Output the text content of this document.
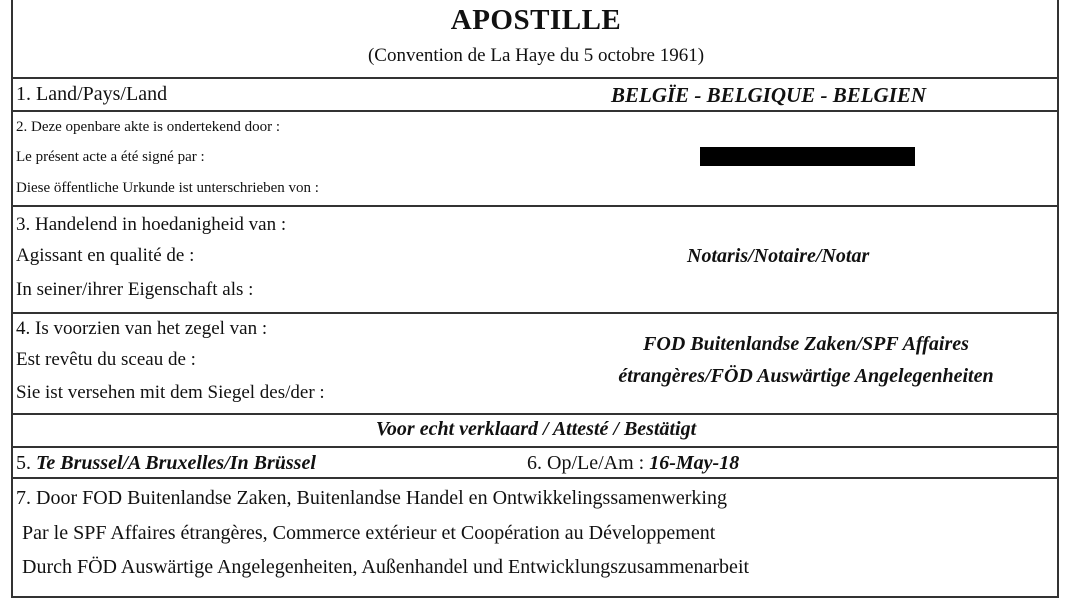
APOSTILLE
(Convention de La Haye du 5 octobre 1961)
1. Land/Pays/Land	BELGÏE - BELGIQUE - BELGIEN
2. Deze openbare akte is ondertekend door :
Le présent acte a été signé par :
Diese öffentliche Urkunde ist unterschrieben von :
3. Handelend in hoedanigheid van :
Agissant en qualité de :
In seiner/ihrer Eigenschaft als :
Notaris/Notaire/Notar
4. Is voorzien van het zegel van :
Est revêtu du sceau de :
Sie ist versehen mit dem Siegel des/der :
FOD Buitenlandse Zaken/SPF Affaires
étrangères/FÖD Auswärtige Angelegenheiten
Voor echt verklaard / Attesté / Bestätigt
5. Te Brussel/A Bruxelles/In Brüssel	6. Op/Le/Am : 16-May-18
7. Door FOD Buitenlandse Zaken, Buitenlandse Handel en Ontwikkelingssamenwerking
Par le SPF Affaires étrangères, Commerce extérieur et Coopération au Développement
Durch FÖD Auswärtige Angelegenheiten, Außenhandel und Entwicklungszusammenarbeit
